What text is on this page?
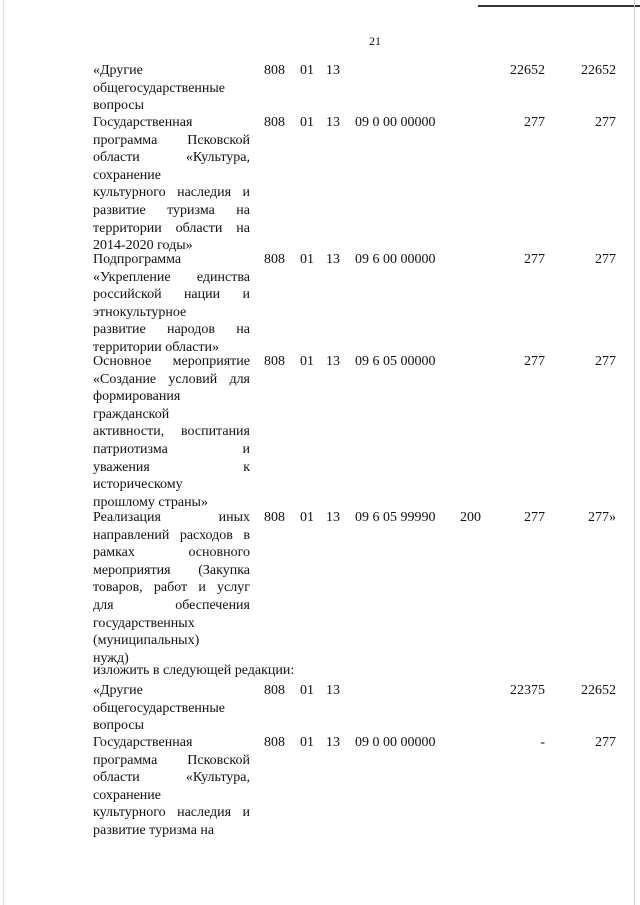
21
«Другие
общегосударственные
вопросы
808 01 13	22652	22652
Государственная
программа Псковской
области «Культура,
сохранение
культурного наследия и
развитие туризма на
территории области на
2014-2020 годы»
808 01 13 09 0 00 00000	277	277
Подпрограмма
«Укрепление единства
российской нации и
этнокультурное
развитие народов на
территории области»
808 01 13 09 6 00 00000	277	277
Основное мероприятие
«Создание условий для
формирования
гражданской
активности, воспитания
патриотизма и
уважения к
историческому
прошлому страны»
808 01 13 09 6 05 00000	277	277
Реализация иных
направлений расходов в
рамках основного
мероприятия (Закупка
товаров, работ и услуг
для обеспечения
государственных
(муниципальных)
нужд)
808 01 13 09 6 05 99990 200	277	277»
изложить в следующей редакции:
«Другие
общегосударственные
вопросы
808 01 13	22375	22652
Государственная
программа Псковской
области «Культура,
сохранение
культурного наследия и
развитие туризма на
808 01 13 09 0 00 00000	-	277
